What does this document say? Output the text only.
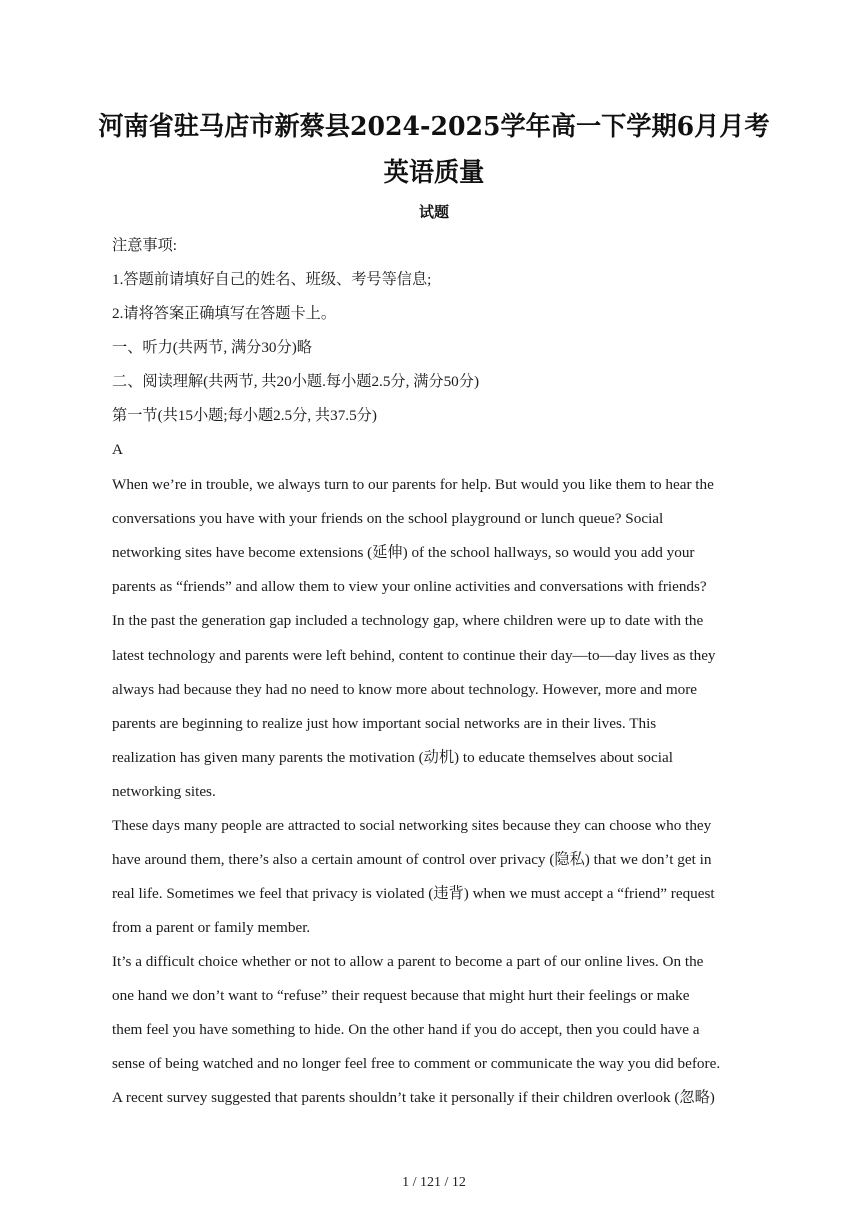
河南省驻马店市新蔡县2024-2025学年高一下学期6月月考
英语质量
试题
注意事项:
1.答题前请填好自己的姓名、班级、考号等信息;
2.请将答案正确填写在答题卡上。
一、听力(共两节, 满分30分)略
二、阅读理解(共两节, 共20小题.每小题2.5分, 满分50分)
第一节(共15小题;每小题2.5分, 共37.5分)
A
When we’re in trouble, we always turn to our parents for help. But would you like them to hear the
conversations you have with your friends on the school playground or lunch queue? Social
networking sites have become extensions (延伸) of the school hallways, so would you add your
parents as “friends” and allow them to view your online activities and conversations with friends?
In the past the generation gap included a technology gap, where children were up to date with the
latest technology and parents were left behind, content to continue their day—to—day lives as they
always had because they had no need to know more about technology. However, more and more
parents are beginning to realize just how important social networks are in their lives. This
realization has given many parents the motivation (动机) to educate themselves about social
networking sites.
These days many people are attracted to social networking sites because they can choose who they
have around them, there’s also a certain amount of control over privacy (隐私) that we don’t get in
real life. Sometimes we feel that privacy is violated (违背) when we must accept a “friend” request
from a parent or family member.
It’s a difficult choice whether or not to allow a parent to become a part of our online lives. On the
one hand we don’t want to “refuse” their request because that might hurt their feelings or make
them feel you have something to hide. On the other hand if you do accept, then you could have a
sense of being watched and no longer feel free to comment or communicate the way you did before.
A recent survey suggested that parents shouldn’t take it personally if their children overlook (忽略)
1 / 121 / 12
